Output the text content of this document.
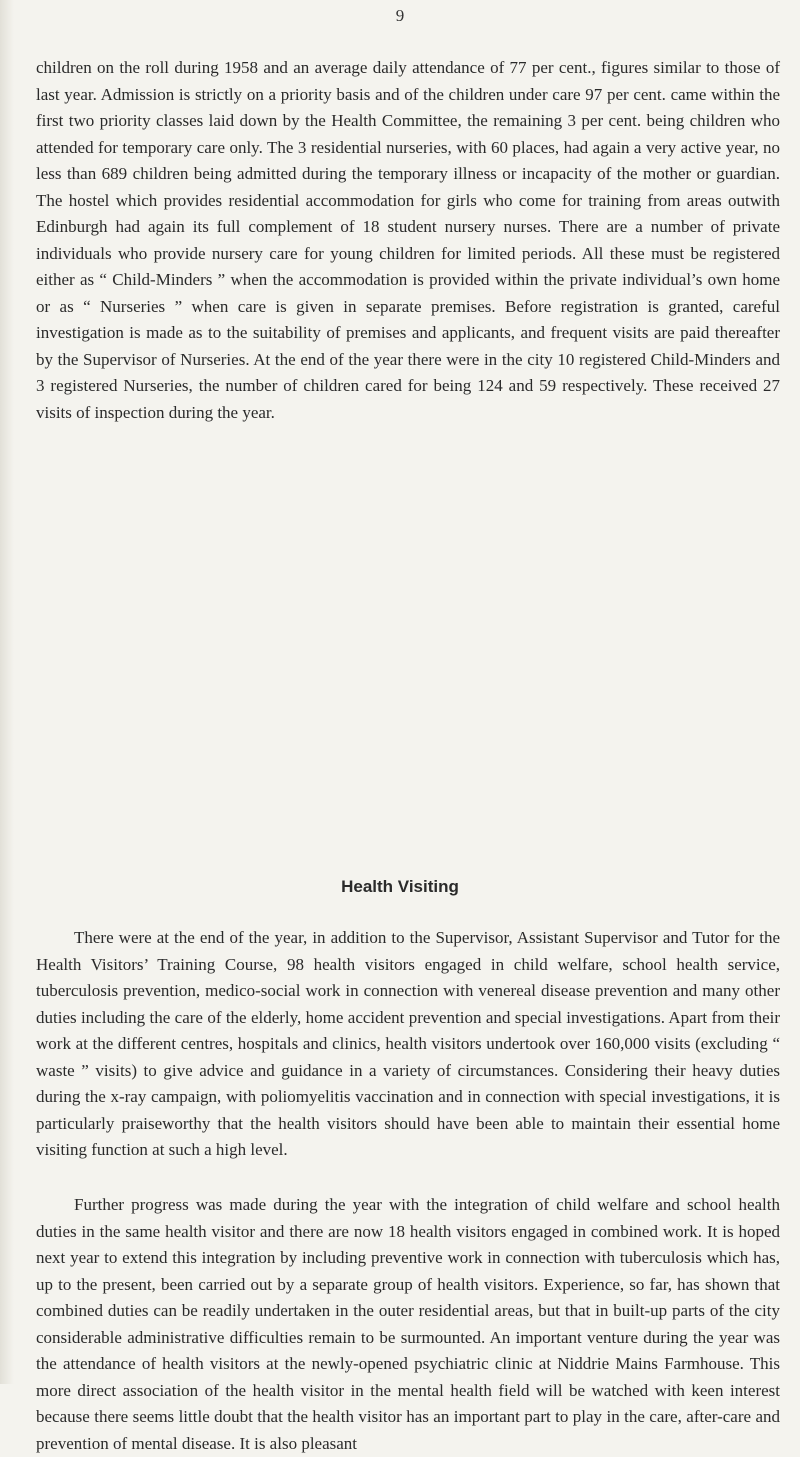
9

children on the roll during 1958 and an average daily attendance of 77 per cent., figures similar to those of last year. Admission is strictly on a priority basis and of the children under care 97 per cent. came within the first two priority classes laid down by the Health Committee, the remaining 3 per cent. being children who attended for temporary care only. The 3 residential nurseries, with 60 places, had again a very active year, no less than 689 children being admitted during the temporary illness or incapacity of the mother or guardian. The hostel which provides residential accommodation for girls who come for training from areas outwith Edinburgh had again its full complement of 18 student nursery nurses. There are a number of private individuals who provide nursery care for young children for limited periods. All these must be registered either as “ Child-Minders ” when the accommodation is provided within the private individual’s own home or as “ Nurseries ” when care is given in separate premises. Before registration is granted, careful investigation is made as to the suitability of premises and applicants, and frequent visits are paid thereafter by the Supervisor of Nurseries. At the end of the year there were in the city 10 registered Child-Minders and 3 registered Nurseries, the number of children cared for being 124 and 59 respectively. These received 27 visits of inspection during the year.

Health Visiting

There were at the end of the year, in addition to the Supervisor, Assistant Supervisor and Tutor for the Health Visitors’ Training Course, 98 health visitors engaged in child welfare, school health service, tuberculosis prevention, medico-social work in connection with venereal disease prevention and many other duties including the care of the elderly, home accident prevention and special investigations. Apart from their work at the different centres, hospitals and clinics, health visitors undertook over 160,000 visits (excluding “ waste ” visits) to give advice and guidance in a variety of circumstances. Considering their heavy duties during the x-ray campaign, with poliomyelitis vaccination and in connection with special investigations, it is particularly praiseworthy that the health visitors should have been able to maintain their essential home visiting function at such a high level.

Further progress was made during the year with the integration of child welfare and school health duties in the same health visitor and there are now 18 health visitors engaged in combined work. It is hoped next year to extend this integration by including preventive work in connection with tuberculosis which has, up to the present, been carried out by a separate group of health visitors. Experience, so far, has shown that combined duties can be readily undertaken in the outer residential areas, but that in built-up parts of the city considerable administrative difficulties remain to be surmounted. An important venture during the year was the attendance of health visitors at the newly-opened psychiatric clinic at Niddrie Mains Farmhouse. This more direct association of the health visitor in the mental health field will be watched with keen interest because there seems little doubt that the health visitor has an important part to play in the care, after-care and prevention of mental disease. It is also pleasant
